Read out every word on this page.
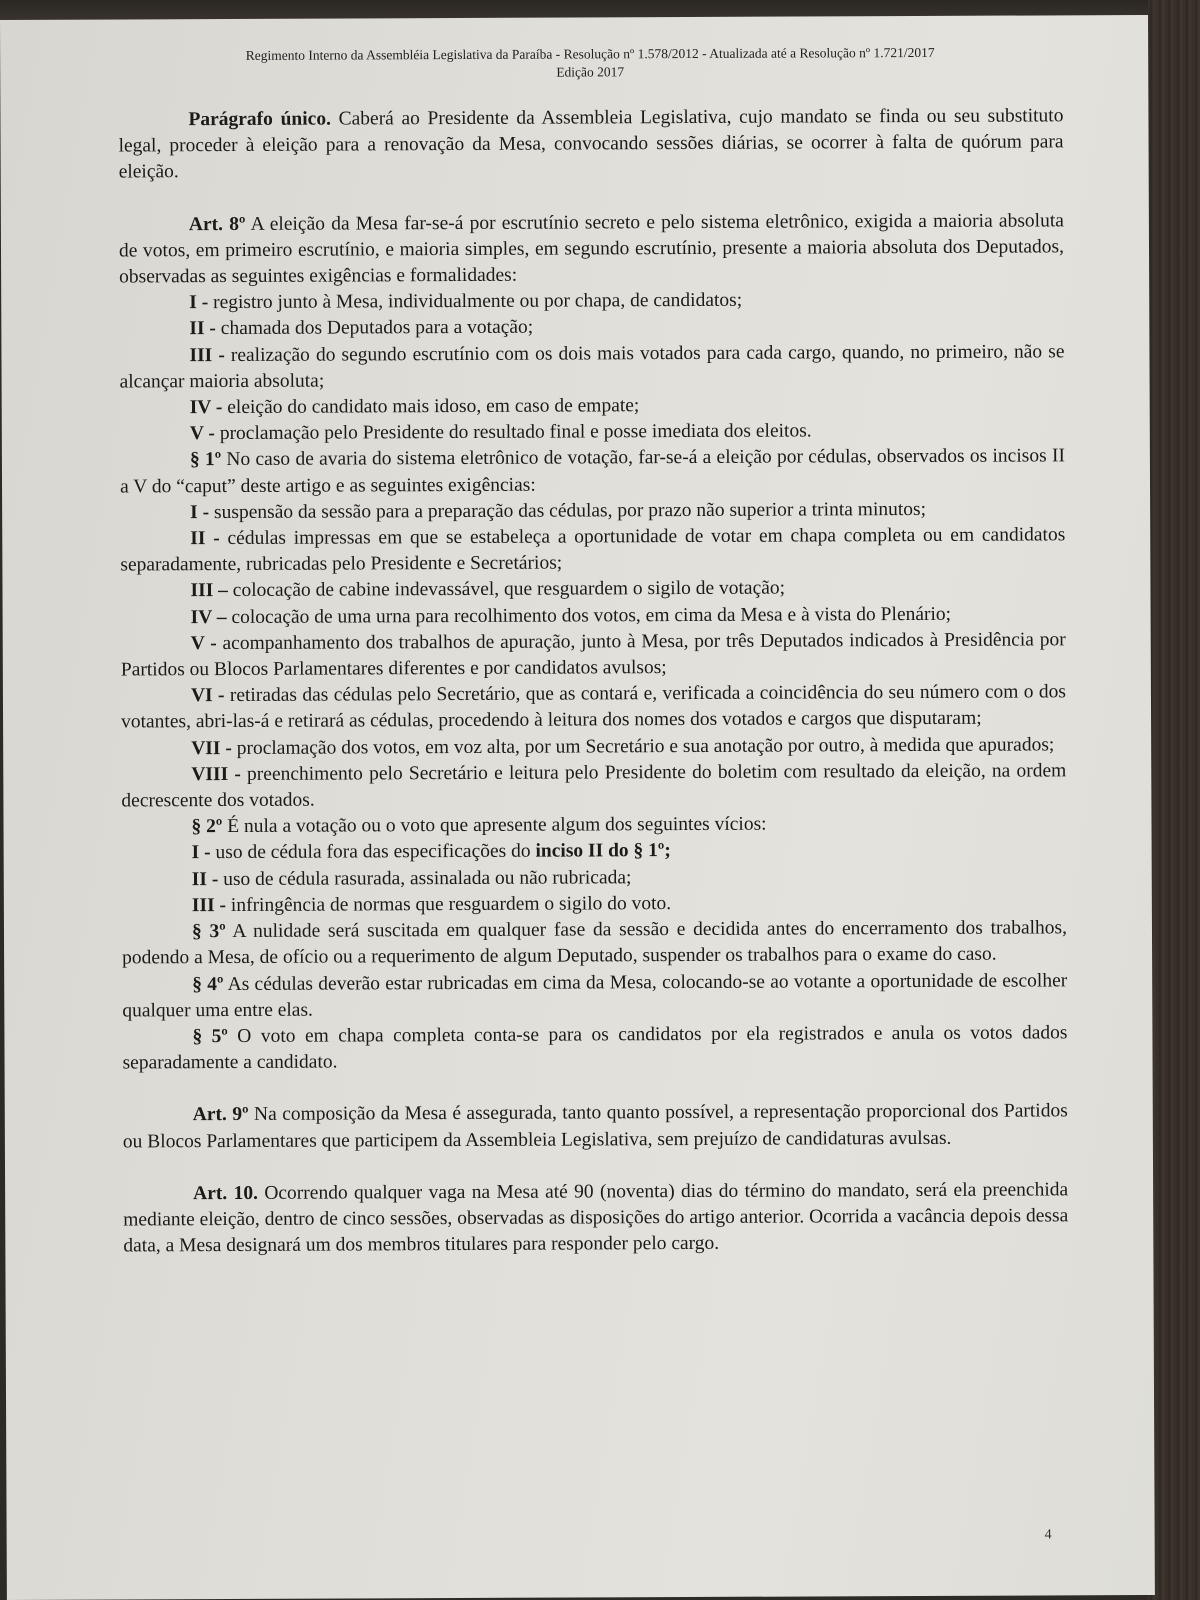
Regimento Interno da Assembléia Legislativa da Paraíba - Resolução nº 1.578/2012 - Atualizada até a Resolução nº 1.721/2017
Edição 2017

Parágrafo único. Caberá ao Presidente da Assembleia Legislativa, cujo mandato se finda ou seu substituto legal, proceder à eleição para a renovação da Mesa, convocando sessões diárias, se ocorrer à falta de quórum para eleição.

Art. 8º A eleição da Mesa far-se-á por escrutínio secreto e pelo sistema eletrônico, exigida a maioria absoluta de votos, em primeiro escrutínio, e maioria simples, em segundo escrutínio, presente a maioria absoluta dos Deputados, observadas as seguintes exigências e formalidades:

I - registro junto à Mesa, individualmente ou por chapa, de candidatos;

II - chamada dos Deputados para a votação;

III - realização do segundo escrutínio com os dois mais votados para cada cargo, quando, no primeiro, não se alcançar maioria absoluta;

IV - eleição do candidato mais idoso, em caso de empate;

V - proclamação pelo Presidente do resultado final e posse imediata dos eleitos.

§ 1º No caso de avaria do sistema eletrônico de votação, far-se-á a eleição por cédulas, observados os incisos II a V do “caput” deste artigo e as seguintes exigências:

I - suspensão da sessão para a preparação das cédulas, por prazo não superior a trinta minutos;

II - cédulas impressas em que se estabeleça a oportunidade de votar em chapa completa ou em candidatos separadamente, rubricadas pelo Presidente e Secretários;

III – colocação de cabine indevassável, que resguardem o sigilo de votação;

IV – colocação de uma urna para recolhimento dos votos, em cima da Mesa e à vista do Plenário;

V - acompanhamento dos trabalhos de apuração, junto à Mesa, por três Deputados indicados à Presidência por Partidos ou Blocos Parlamentares diferentes e por candidatos avulsos;

VI - retiradas das cédulas pelo Secretário, que as contará e, verificada a coincidência do seu número com o dos votantes, abri-las-á e retirará as cédulas, procedendo à leitura dos nomes dos votados e cargos que disputaram;

VII - proclamação dos votos, em voz alta, por um Secretário e sua anotação por outro, à medida que apurados;

VIII - preenchimento pelo Secretário e leitura pelo Presidente do boletim com resultado da eleição, na ordem decrescente dos votados.

§ 2º É nula a votação ou o voto que apresente algum dos seguintes vícios:

I - uso de cédula fora das especificações do inciso II do § 1º;

II - uso de cédula rasurada, assinalada ou não rubricada;

III - infringência de normas que resguardem o sigilo do voto.

§ 3º A nulidade será suscitada em qualquer fase da sessão e decidida antes do encerramento dos trabalhos, podendo a Mesa, de ofício ou a requerimento de algum Deputado, suspender os trabalhos para o exame do caso.

§ 4º As cédulas deverão estar rubricadas em cima da Mesa, colocando-se ao votante a oportunidade de escolher qualquer uma entre elas.

§ 5º O voto em chapa completa conta-se para os candidatos por ela registrados e anula os votos dados separadamente a candidato.

Art. 9º Na composição da Mesa é assegurada, tanto quanto possível, a representação proporcional dos Partidos ou Blocos Parlamentares que participem da Assembleia Legislativa, sem prejuízo de candidaturas avulsas.

Art. 10. Ocorrendo qualquer vaga na Mesa até 90 (noventa) dias do término do mandato, será ela preenchida mediante eleição, dentro de cinco sessões, observadas as disposições do artigo anterior. Ocorrida a vacância depois dessa data, a Mesa designará um dos membros titulares para responder pelo cargo.

4
